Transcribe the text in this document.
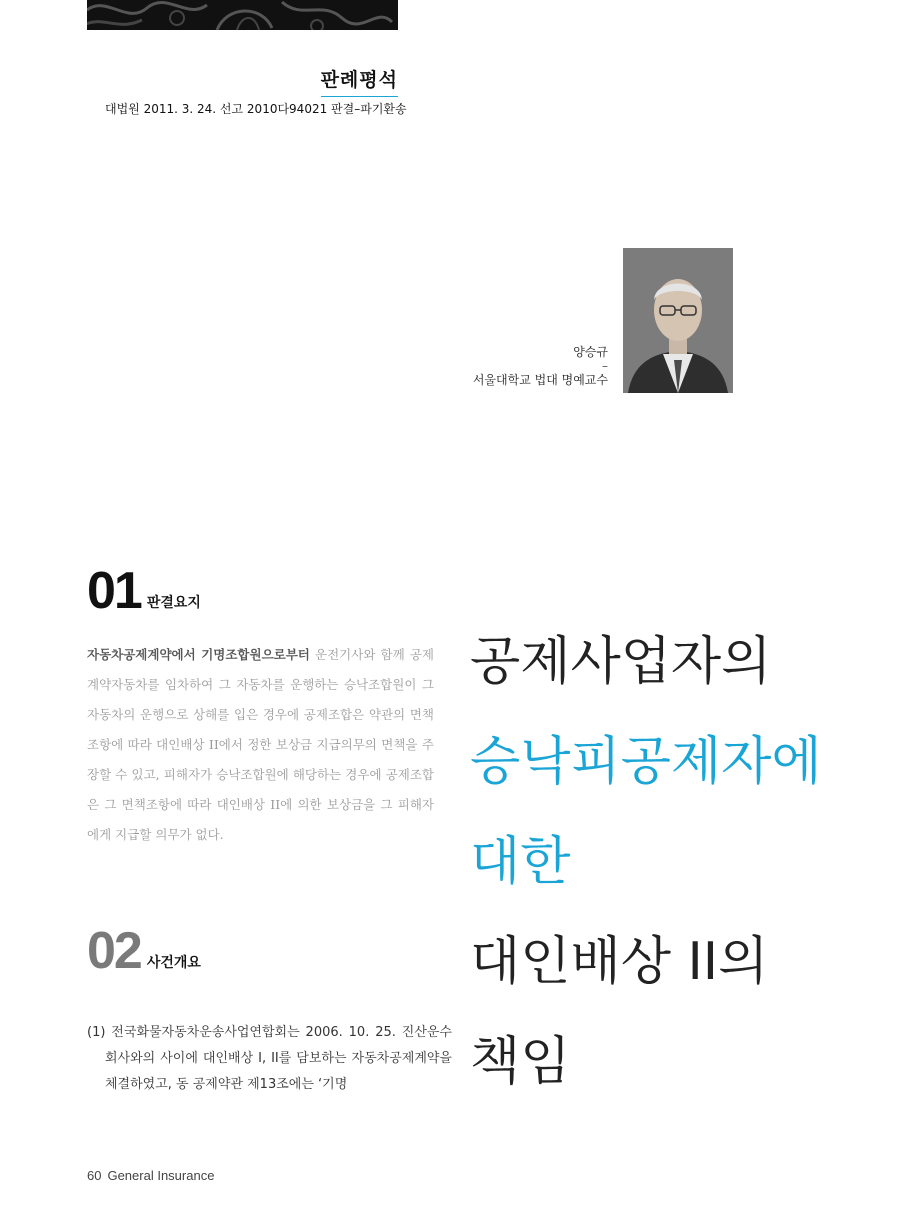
판례평석
대법원 2011. 3. 24. 선고 2010다94021 판결–파기환송
양승규
–
서울대학교 법대 명예교수
01 판결요지

자동차공제계약에서 기명조합원으로부터 운전기사와 함께 공제계약자동차를 임차하여 그 자동차를 운행하는 승낙조합원이 그 자동차의 운행으로 상해를 입은 경우에 공제조합은 약관의 면책조항에 따라 대인배상 II에서 정한 보상금 지급의무의 면책을 주장할 수 있고, 피해자가 승낙조합원에 해당하는 경우에 공제조합은 그 면책조항에 따라 대인배상 II에 의한 보상금을 그 피해자에게 지급할 의무가 없다.

02 사건개요

(1) 전국화물자동차운송사업연합회는 2006. 10. 25. 진산운수회사와의 사이에 대인배상 I, II를 담보하는 자동차공제계약을 체결하였고, 동 공제약관 제13조에는 ‘기명

공제사업자의
승낙피공제자에
대한
대인배상 II의
책임
60 General Insurance
